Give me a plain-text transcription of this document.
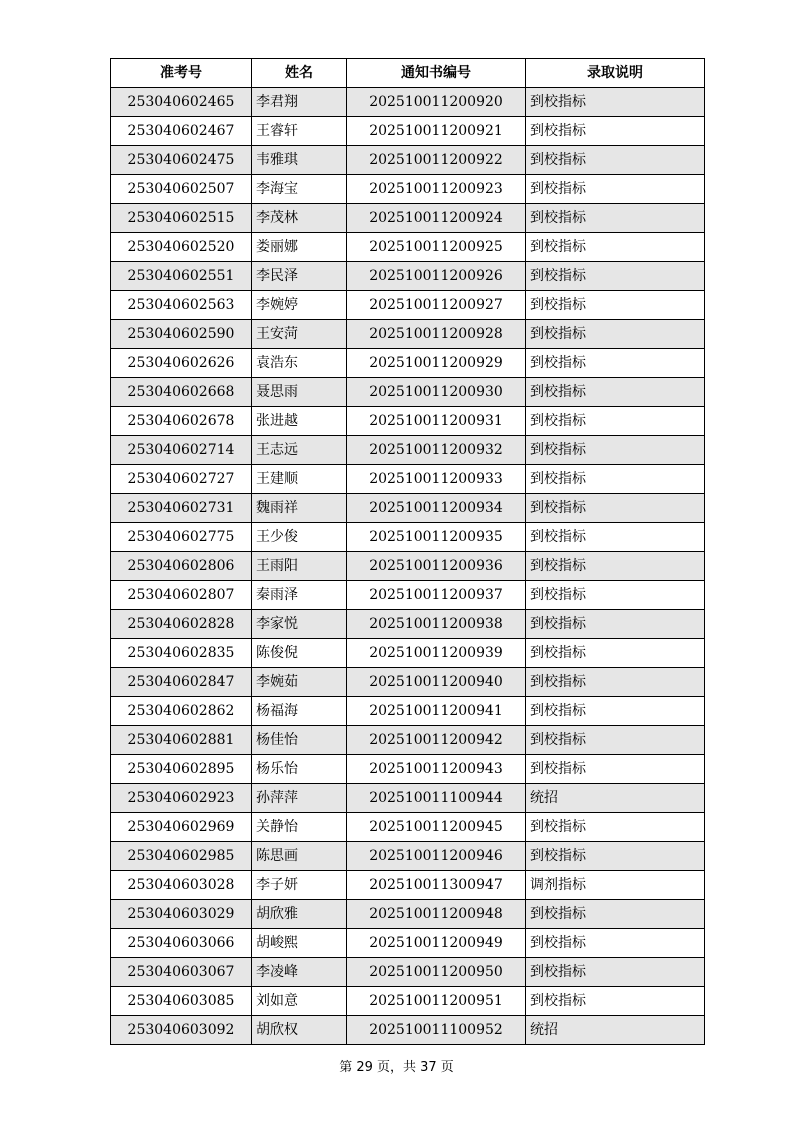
准考号	姓名	通知书编号	录取说明
253040602465	李君翔	202510011200920	到校指标
253040602467	王睿轩	202510011200921	到校指标
253040602475	韦雅琪	202510011200922	到校指标
253040602507	李海宝	202510011200923	到校指标
253040602515	李茂林	202510011200924	到校指标
253040602520	娄丽娜	202510011200925	到校指标
253040602551	李民泽	202510011200926	到校指标
253040602563	李婉婷	202510011200927	到校指标
253040602590	王安菏	202510011200928	到校指标
253040602626	袁浩东	202510011200929	到校指标
253040602668	聂思雨	202510011200930	到校指标
253040602678	张进越	202510011200931	到校指标
253040602714	王志远	202510011200932	到校指标
253040602727	王建顺	202510011200933	到校指标
253040602731	魏雨祥	202510011200934	到校指标
253040602775	王少俊	202510011200935	到校指标
253040602806	王雨阳	202510011200936	到校指标
253040602807	秦雨泽	202510011200937	到校指标
253040602828	李家悦	202510011200938	到校指标
253040602835	陈俊倪	202510011200939	到校指标
253040602847	李婉茹	202510011200940	到校指标
253040602862	杨福海	202510011200941	到校指标
253040602881	杨佳怡	202510011200942	到校指标
253040602895	杨乐怡	202510011200943	到校指标
253040602923	孙萍萍	202510011100944	统招
253040602969	关静怡	202510011200945	到校指标
253040602985	陈思画	202510011200946	到校指标
253040603028	李子妍	202510011300947	调剂指标
253040603029	胡欣雅	202510011200948	到校指标
253040603066	胡峻熙	202510011200949	到校指标
253040603067	李凌峰	202510011200950	到校指标
253040603085	刘如意	202510011200951	到校指标
253040603092	胡欣权	202510011100952	统招
第 29 页，共 37 页
